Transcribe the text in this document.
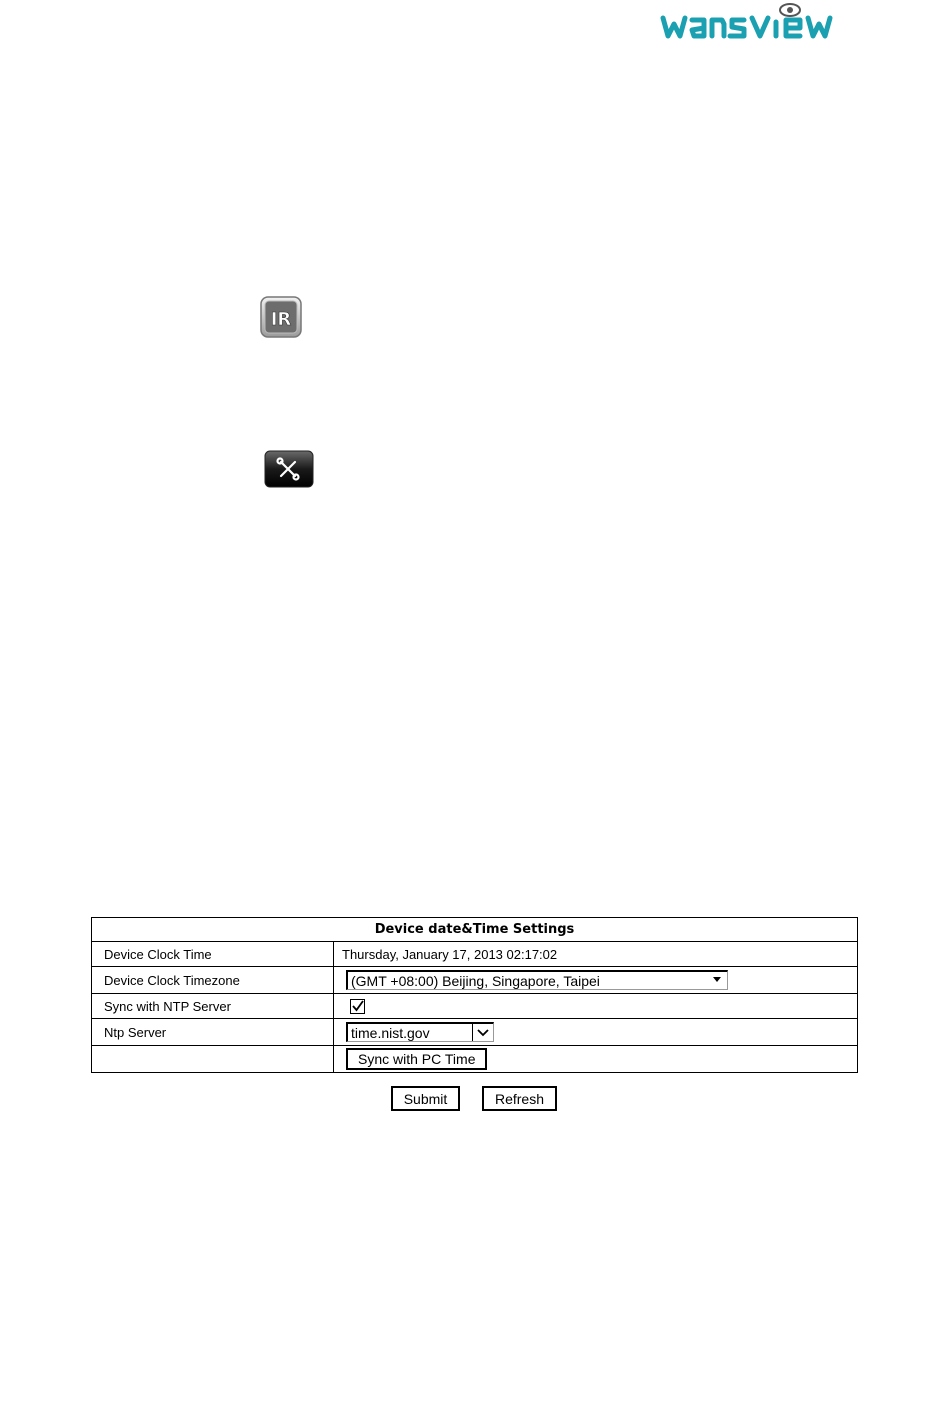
IR
Device date&Time Settings	
Device Clock Time	Thursday, January 17, 2013 02:17:02
Device Clock Timezone	(GMT +08:00) Beijing, Singapore, Taipei

Sync with NTP Server	

Ntp Server	time.nist.gov

	Sync with PC Time
Submit	Refresh
